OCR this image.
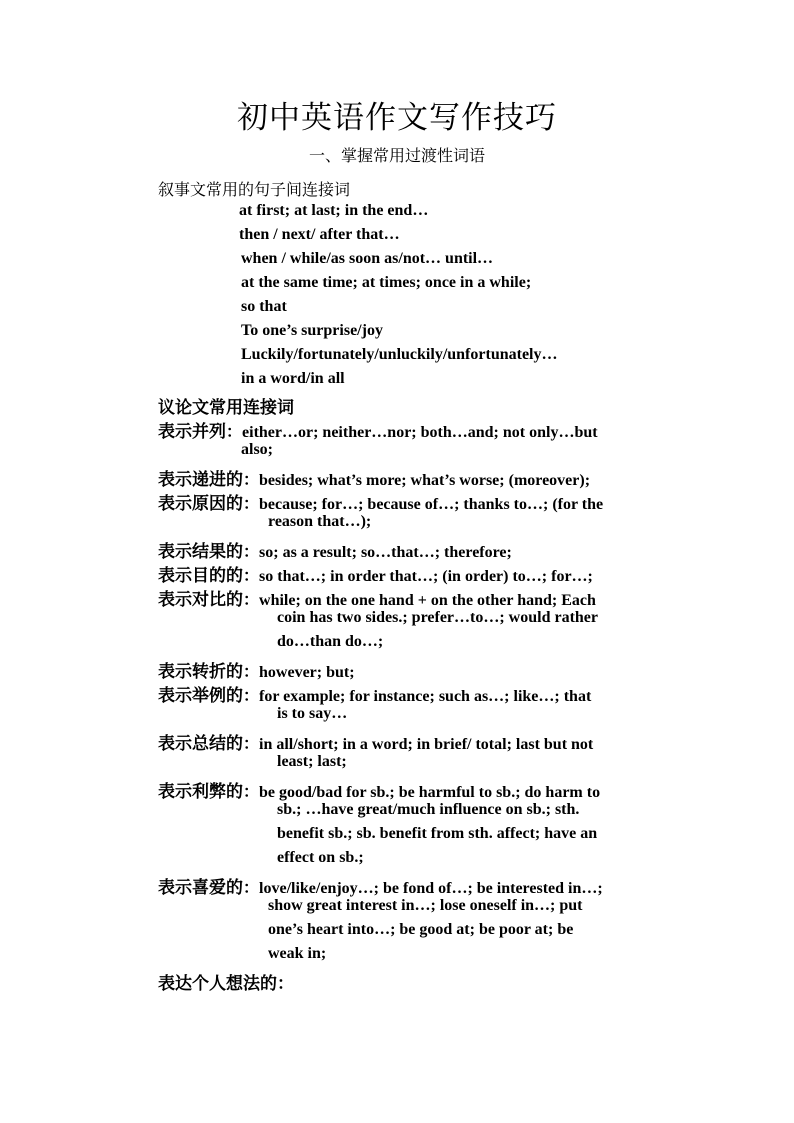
初中英语作文写作技巧
一、掌握常用过渡性词语
叙事文常用的句子间连接词
at first; at last; in the end…
then / next/ after that…
when / while/as soon as/not… until…
at the same time; at times; once in a while;
so that
To one’s surprise/joy
Luckily/fortunately/unluckily/unfortunately…
in a word/in all
议论文常用连接词
表示并列：either…or; neither…nor; both…and; not only…but
also;
表示递进的：besides; what’s more; what’s worse; (moreover);
表示原因的：because; for…; because of…; thanks to…; (for the
reason that…);
表示结果的：so; as a result; so…that…; therefore;
表示目的的：so that…; in order that…; (in order) to…; for…;
表示对比的：while; on the one hand + on the other hand; Each
coin has two sides.; prefer…to…; would rather
do…than do…;
表示转折的：however; but;
表示举例的：for example; for instance; such as…; like…; that
is to say…
表示总结的：in all/short; in a word; in brief/ total; last but not
least; last;
表示利弊的：be good/bad for sb.; be harmful to sb.; do harm to
sb.; …have great/much influence on sb.; sth.
benefit sb.; sb. benefit from sth. affect; have an
effect on sb.;
表示喜爱的：love/like/enjoy…; be fond of…; be interested in…;
show great interest in…; lose oneself in…; put
one’s heart into…; be good at; be poor at; be
weak in;
表达个人想法的：
